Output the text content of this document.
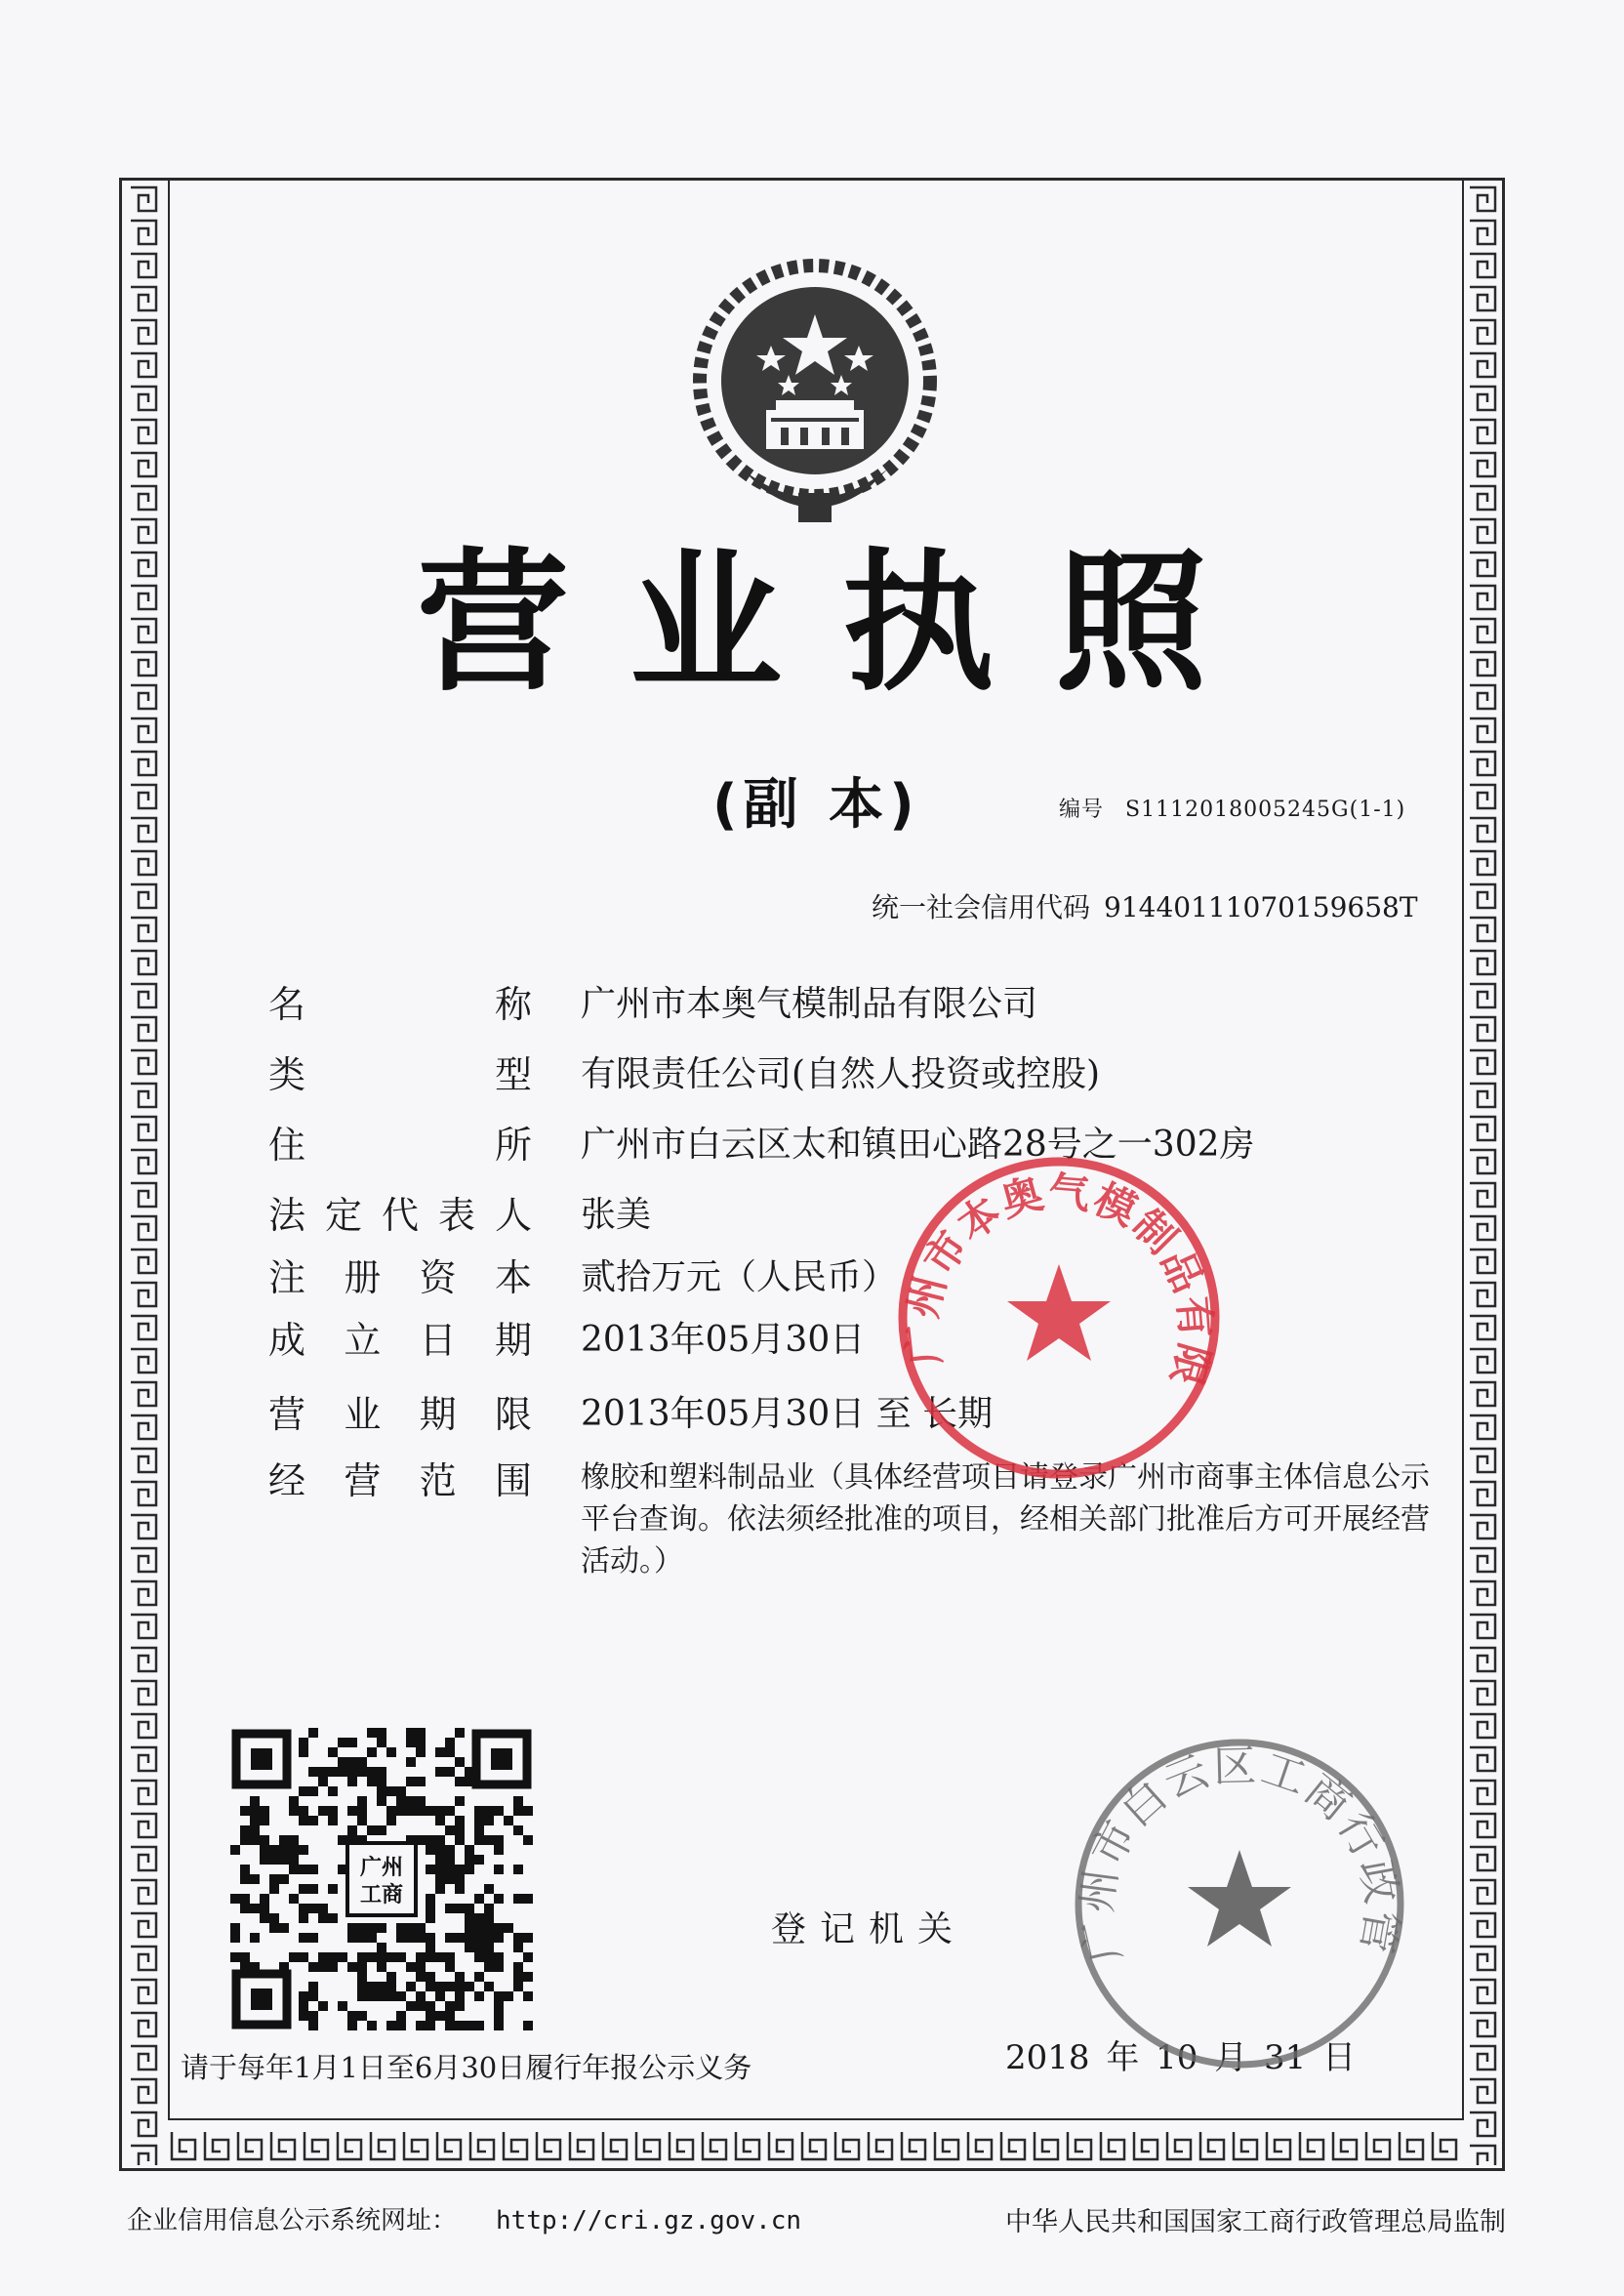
营业执照
(副 本)	编号 S1112018005245G(1-1)
统一社会信用代码 91440111070159658T
名	称 广州市本奥气模制品有限公司
类	型 有限责任公司(自然人投资或控股)
住	所 广州市白云区太和镇田心路28号之一302房
法 定 代 表 人 张美
注 册 资 本 贰拾万元（人民币）
成 立 日 期 2013年05月30日
营 业 期 限 2013年05月30日 至 长期
经 营 范 围 橡胶和塑料制品业（具体经营项目请登录广州市商事主体信息公示平台查询。依法须经批准的项目，经相关部门批准后方可开展经营活动。）
广州
工商
登记机关
请于每年1月1日至6月30日履行年报公示义务	2018 年 10 月 31 日
企业信用信息公示系统网址： http://cri.gz.gov.cn	中华人民共和国国家工商行政管理总局监制
广州市本奥气模制品有限
广州市白云区工商行政管
